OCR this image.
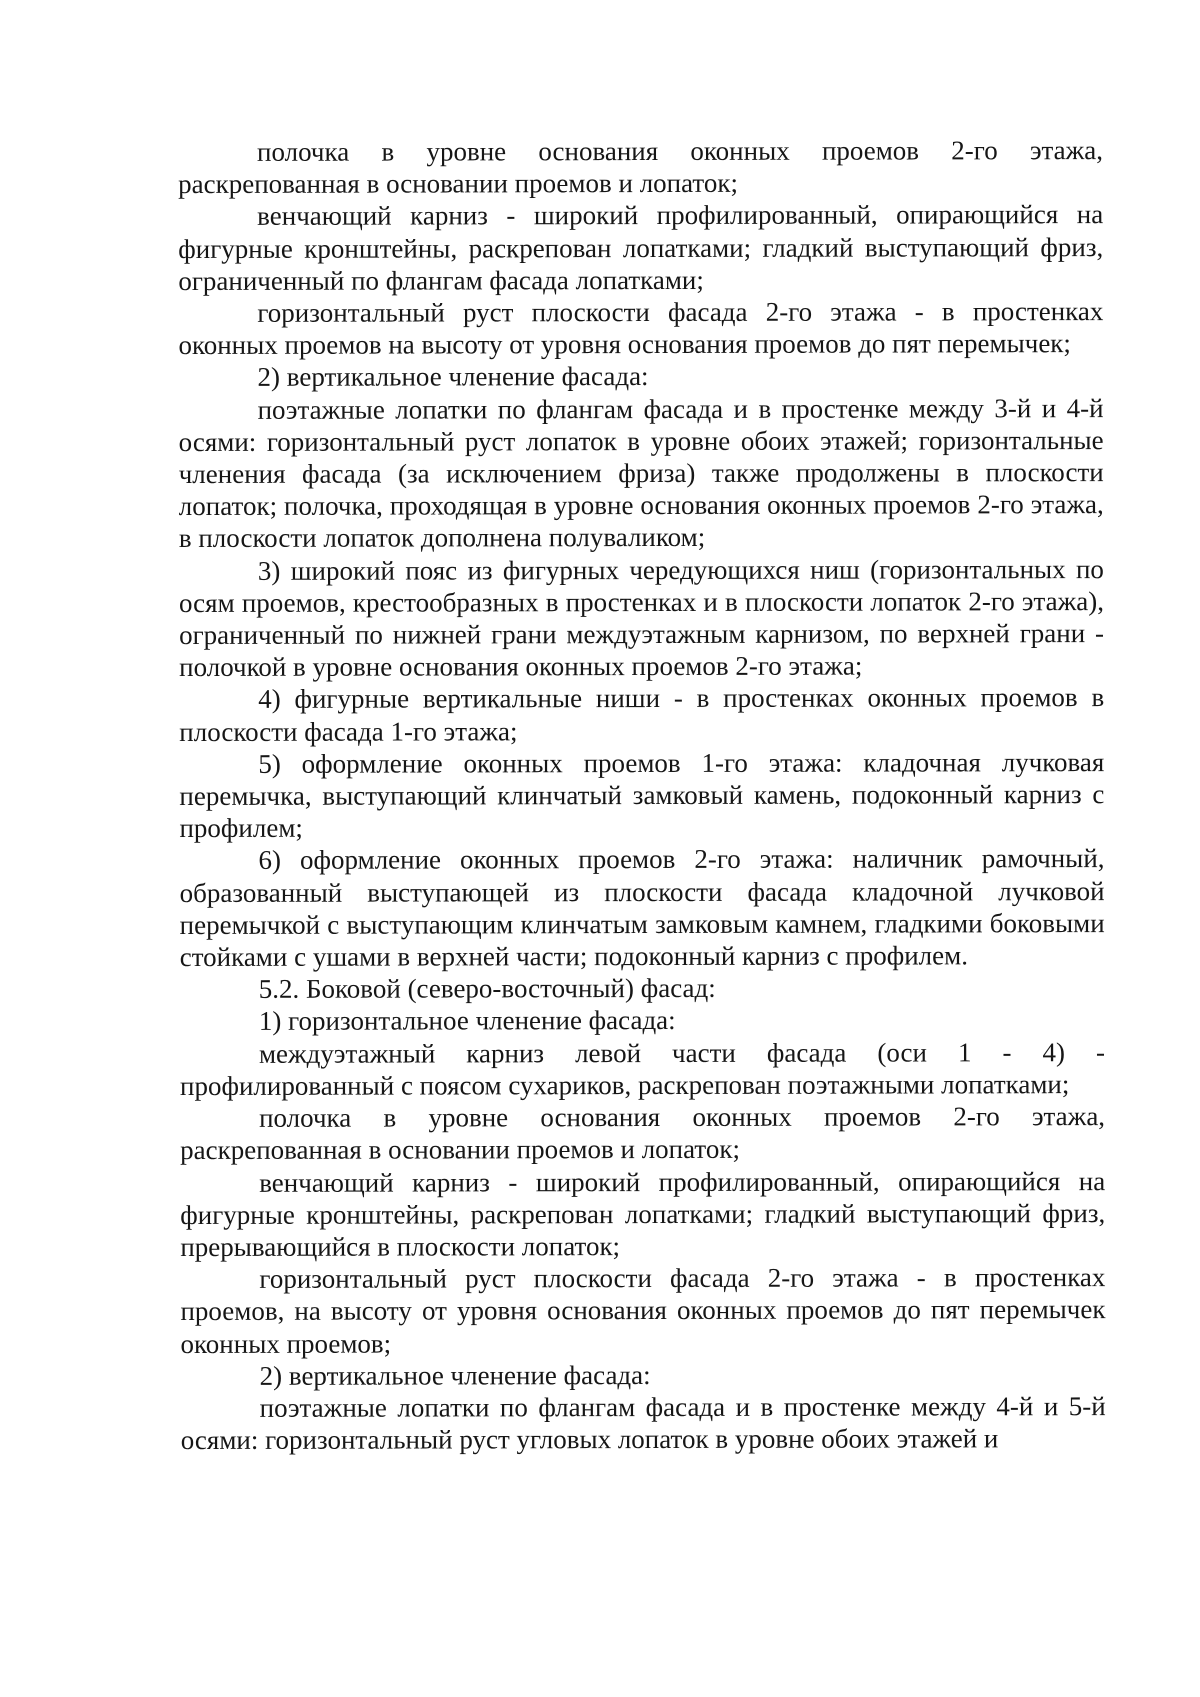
полочка в уровне основания оконных проемов 2-го этажа, раскрепованная в основании проемов и лопаток;

венчающий карниз - широкий профилированный, опирающийся на фигурные кронштейны, раскрепован лопатками; гладкий выступающий фриз, ограниченный по флангам фасада лопатками;

горизонтальный руст плоскости фасада 2-го этажа - в простенках оконных проемов на высоту от уровня основания проемов до пят перемычек;

2) вертикальное членение фасада:

поэтажные лопатки по флангам фасада и в простенке между 3-й и 4-й осями: горизонтальный руст лопаток в уровне обоих этажей; горизонтальные членения фасада (за исключением фриза) также продолжены в плоскости лопаток; полочка, проходящая в уровне основания оконных проемов 2-го этажа, в плоскости лопаток дополнена полуваликом;

3) широкий пояс из фигурных чередующихся ниш (горизонтальных по осям проемов, крестообразных в простенках и в плоскости лопаток 2-го этажа), ограниченный по нижней грани междуэтажным карнизом, по верхней грани - полочкой в уровне основания оконных проемов 2-го этажа;

4) фигурные вертикальные ниши - в простенках оконных проемов в плоскости фасада 1-го этажа;

5) оформление оконных проемов 1-го этажа: кладочная лучковая перемычка, выступающий клинчатый замковый камень, подоконный карниз с профилем;

6) оформление оконных проемов 2-го этажа: наличник рамочный, образованный выступающей из плоскости фасада кладочной лучковой перемычкой с выступающим клинчатым замковым камнем, гладкими боковыми стойками с ушами в верхней части; подоконный карниз с профилем.

5.2. Боковой (северо-восточный) фасад:

1) горизонтальное членение фасада:

междуэтажный карниз левой части фасада (оси 1 - 4) - профилированный с поясом сухариков, раскрепован поэтажными лопатками;

полочка в уровне основания оконных проемов 2-го этажа, раскрепованная в основании проемов и лопаток;

венчающий карниз - широкий профилированный, опирающийся на фигурные кронштейны, раскрепован лопатками; гладкий выступающий фриз, прерывающийся в плоскости лопаток;

горизонтальный руст плоскости фасада 2-го этажа - в простенках проемов, на высоту от уровня основания оконных проемов до пят перемычек оконных проемов;

2) вертикальное членение фасада:

поэтажные лопатки по флангам фасада и в простенке между 4-й и 5-й осями: горизонтальный руст угловых лопаток в уровне обоих этажей и
